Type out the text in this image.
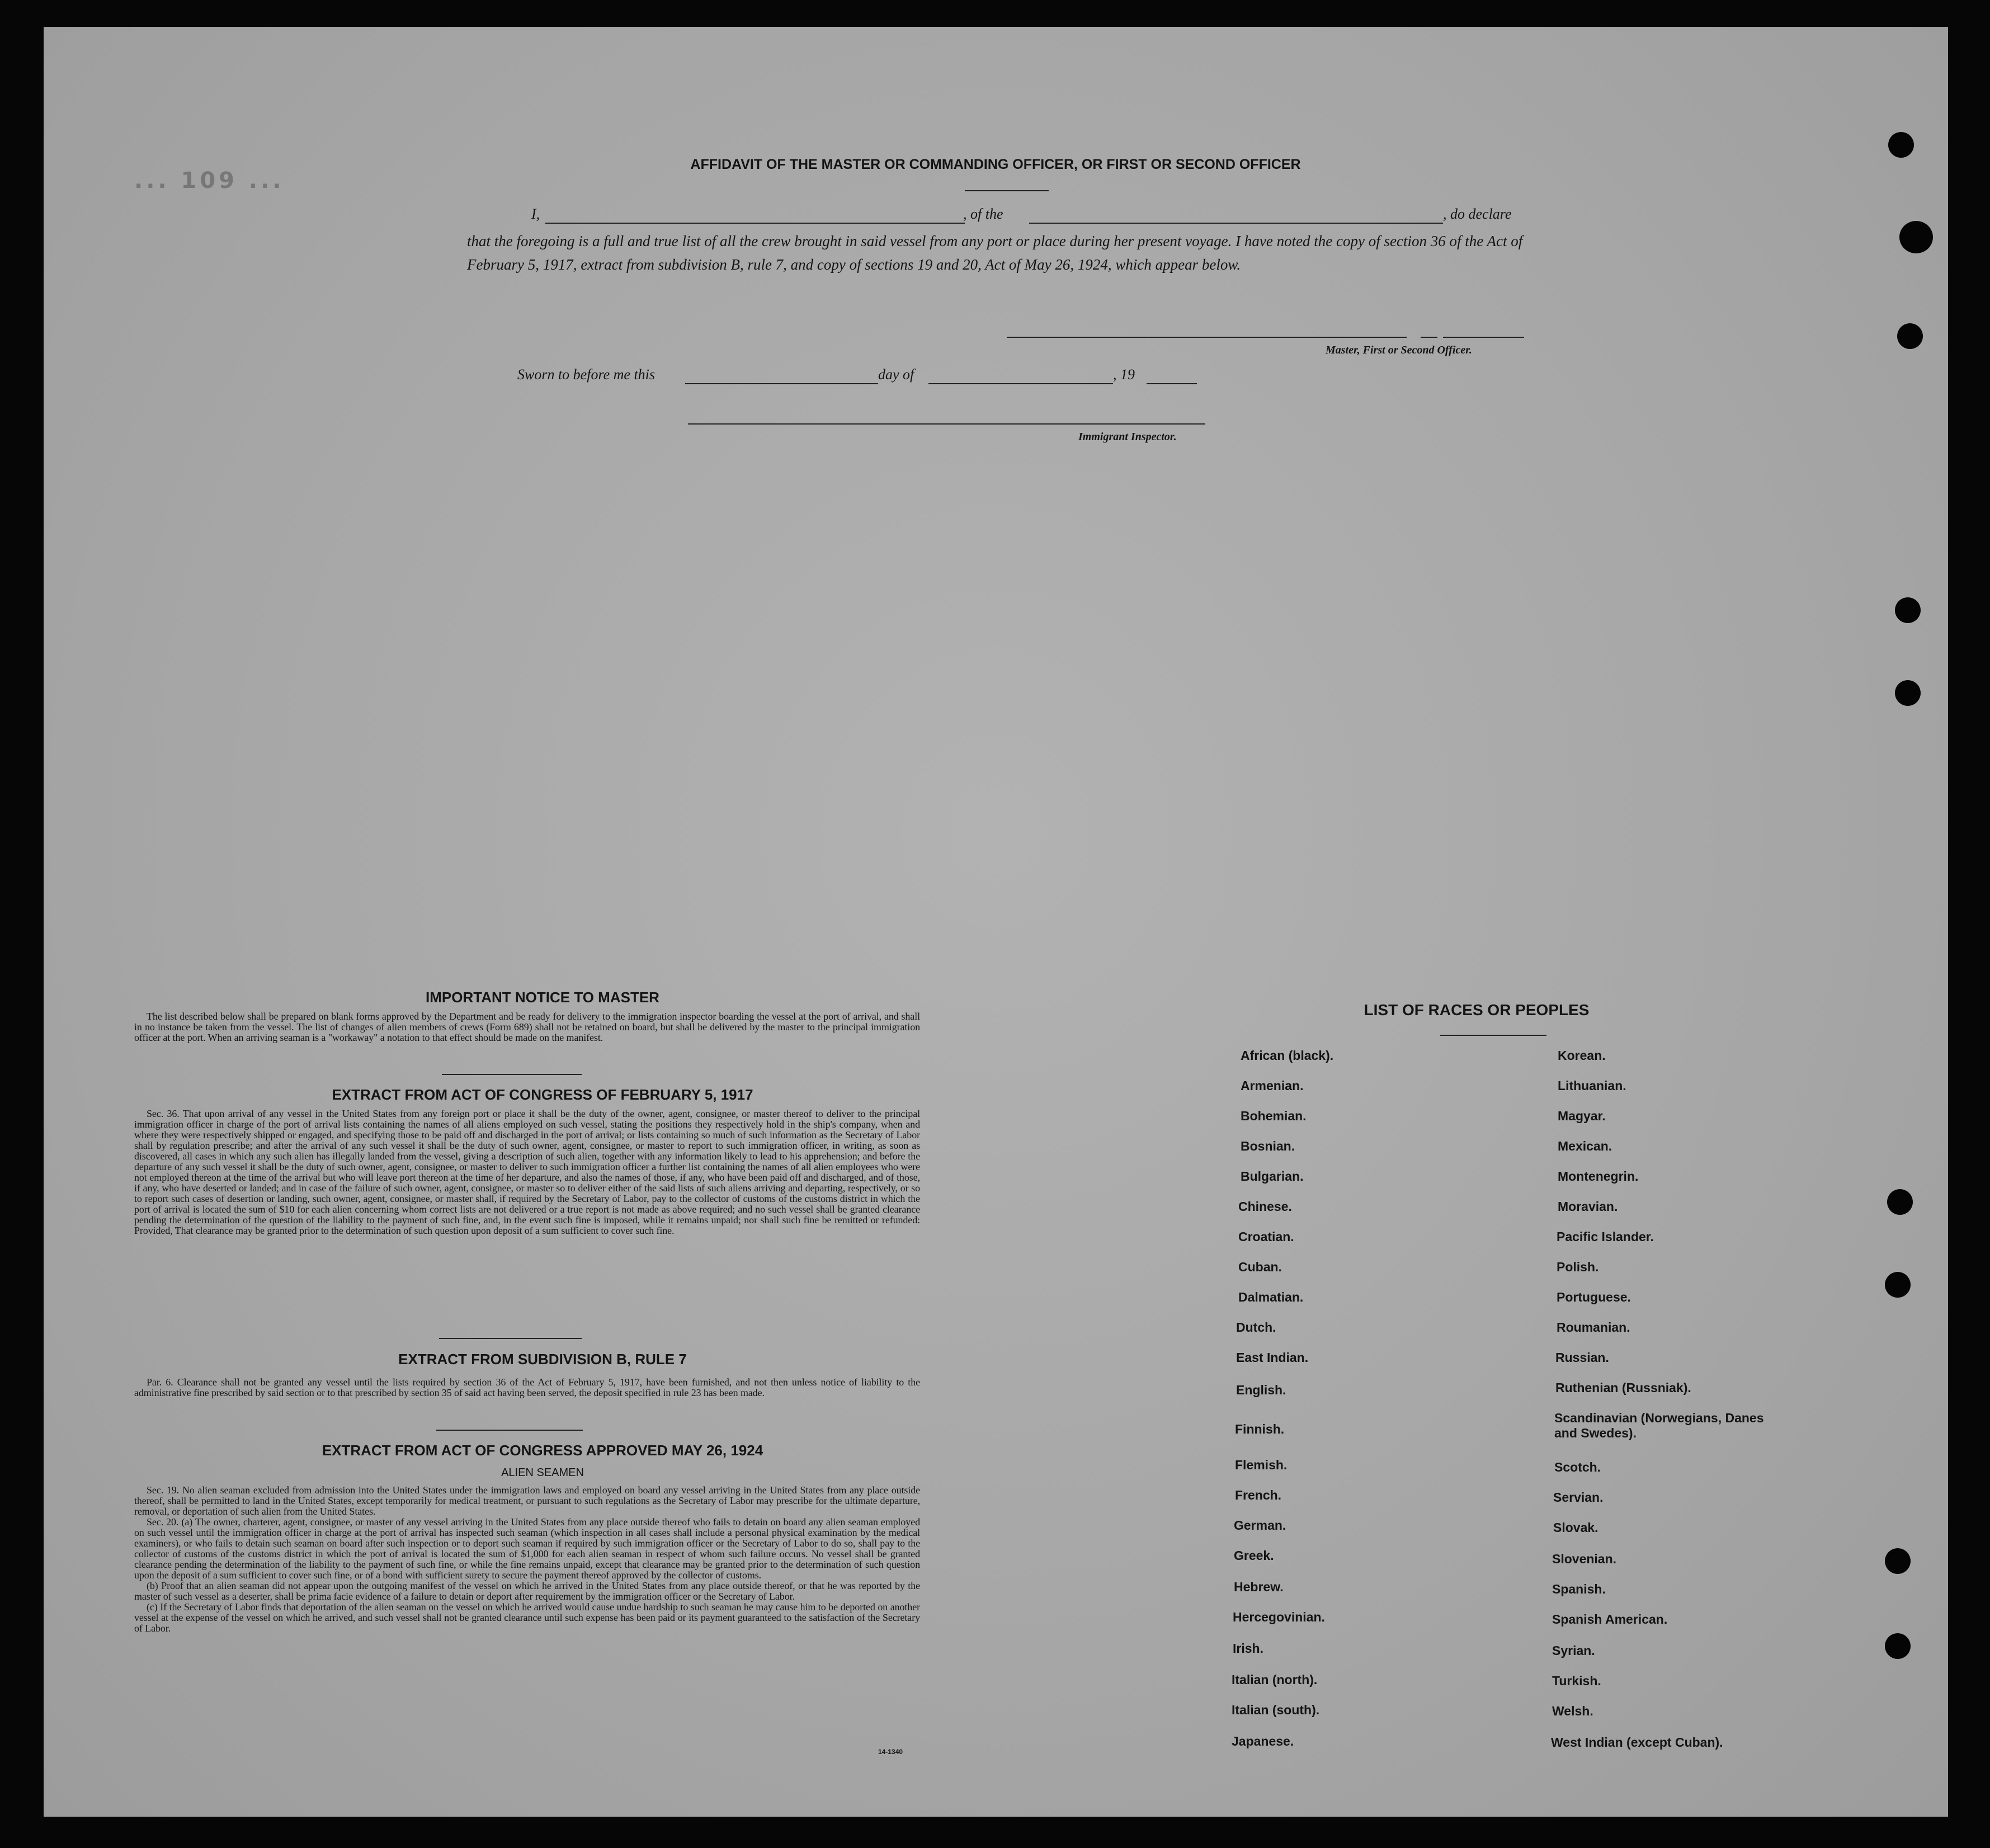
... 109 ...
AFFIDAVIT OF THE MASTER OR COMMANDING OFFICER, OR FIRST OR SECOND OFFICER
I,	, of the	, do declare
that the foregoing is a full and true list of all the crew brought in said vessel from any port or place during her present voyage. I have noted the copy of section 36 of the Act of February 5, 1917, extract from subdivision B, rule 7, and copy of sections 19 and 20, Act of May 26, 1924, which appear below.
Master, First or Second Officer.
Sworn to before me this	day of	, 19
Immigrant Inspector.
IMPORTANT NOTICE TO MASTER

The list described below shall be prepared on blank forms approved by the Department and be ready for delivery to the immigration inspector boarding the vessel at the port of arrival, and shall in no instance be taken from the vessel. The list of changes of alien members of crews (Form 689) shall not be retained on board, but shall be delivered by the master to the principal immigration officer at the port. When an arriving seaman is a "workaway" a notation to that effect should be made on the manifest.

EXTRACT FROM ACT OF CONGRESS OF FEBRUARY 5, 1917

Sec. 36. That upon arrival of any vessel in the United States from any foreign port or place it shall be the duty of the owner, agent, consignee, or master thereof to deliver to the principal immigration officer in charge of the port of arrival lists containing the names of all aliens employed on such vessel, stating the positions they respectively hold in the ship's company, when and where they were respectively shipped or engaged, and specifying those to be paid off and discharged in the port of arrival; or lists containing so much of such information as the Secretary of Labor shall by regulation prescribe; and after the arrival of any such vessel it shall be the duty of such owner, agent, consignee, or master to report to such immigration officer, in writing, as soon as discovered, all cases in which any such alien has illegally landed from the vessel, giving a description of such alien, together with any information likely to lead to his apprehension; and before the departure of any such vessel it shall be the duty of such owner, agent, consignee, or master to deliver to such immigration officer a further list containing the names of all alien employees who were not employed thereon at the time of the arrival but who will leave port thereon at the time of her departure, and also the names of those, if any, who have been paid off and discharged, and of those, if any, who have deserted or landed; and in case of the failure of such owner, agent, consignee, or master so to deliver either of the said lists of such aliens arriving and departing, respectively, or so to report such cases of desertion or landing, such owner, agent, consignee, or master shall, if required by the Secretary of Labor, pay to the collector of customs of the customs district in which the port of arrival is located the sum of $10 for each alien concerning whom correct lists are not delivered or a true report is not made as above required; and no such vessel shall be granted clearance pending the determination of the question of the liability to the payment of such fine, and, in the event such fine is imposed, while it remains unpaid; nor shall such fine be remitted or refunded: Provided, That clearance may be granted prior to the determination of such question upon deposit of a sum sufficient to cover such fine.

EXTRACT FROM SUBDIVISION B, RULE 7

Par. 6. Clearance shall not be granted any vessel until the lists required by section 36 of the Act of February 5, 1917, have been furnished, and not then unless notice of liability to the administrative fine prescribed by said section or to that prescribed by section 35 of said act having been served, the deposit specified in rule 23 has been made.

EXTRACT FROM ACT OF CONGRESS APPROVED MAY 26, 1924
ALIEN SEAMEN

Sec. 19. No alien seaman excluded from admission into the United States under the immigration laws and employed on board any vessel arriving in the United States from any place outside thereof, shall be permitted to land in the United States, except temporarily for medical treatment, or pursuant to such regulations as the Secretary of Labor may prescribe for the ultimate departure, removal, or deportation of such alien from the United States.

Sec. 20. (a) The owner, charterer, agent, consignee, or master of any vessel arriving in the United States from any place outside thereof who fails to detain on board any alien seaman employed on such vessel until the immigration officer in charge at the port of arrival has inspected such seaman (which inspection in all cases shall include a personal physical examination by the medical examiners), or who fails to detain such seaman on board after such inspection or to deport such seaman if required by such immigration officer or the Secretary of Labor to do so, shall pay to the collector of customs of the customs district in which the port of arrival is located the sum of $1,000 for each alien seaman in respect of whom such failure occurs. No vessel shall be granted clearance pending the determination of the liability to the payment of such fine, or while the fine remains unpaid, except that clearance may be granted prior to the determination of such question upon the deposit of a sum sufficient to cover such fine, or of a bond with sufficient surety to secure the payment thereof approved by the collector of customs.

(b) Proof that an alien seaman did not appear upon the outgoing manifest of the vessel on which he arrived in the United States from any place outside thereof, or that he was reported by the master of such vessel as a deserter, shall be prima facie evidence of a failure to detain or deport after requirement by the immigration officer or the Secretary of Labor.

(c) If the Secretary of Labor finds that deportation of the alien seaman on the vessel on which he arrived would cause undue hardship to such seaman he may cause him to be deported on another vessel at the expense of the vessel on which he arrived, and such vessel shall not be granted clearance until such expense has been paid or its payment guaranteed to the satisfaction of the Secretary of Labor.

14-1340
LIST OF RACES OR PEOPLES
African (black).
Armenian.
Bohemian.
Bosnian.
Bulgarian.
Chinese.
Croatian.
Cuban.
Dalmatian.
Dutch.
East Indian.
English.
Finnish.
Flemish.
French.
German.
Greek.
Hebrew.
Hercegovinian.
Irish.
Italian (north).
Italian (south).
Japanese.
Korean.
Lithuanian.
Magyar.
Mexican.
Montenegrin.
Moravian.
Pacific Islander.
Polish.
Portuguese.
Roumanian.
Russian.
Ruthenian (Russniak).
Scandinavian (Norwegians, Danes and Swedes).
Scotch.
Servian.
Slovak.
Slovenian.
Spanish.
Spanish American.
Syrian.
Turkish.
Welsh.
West Indian (except Cuban).
